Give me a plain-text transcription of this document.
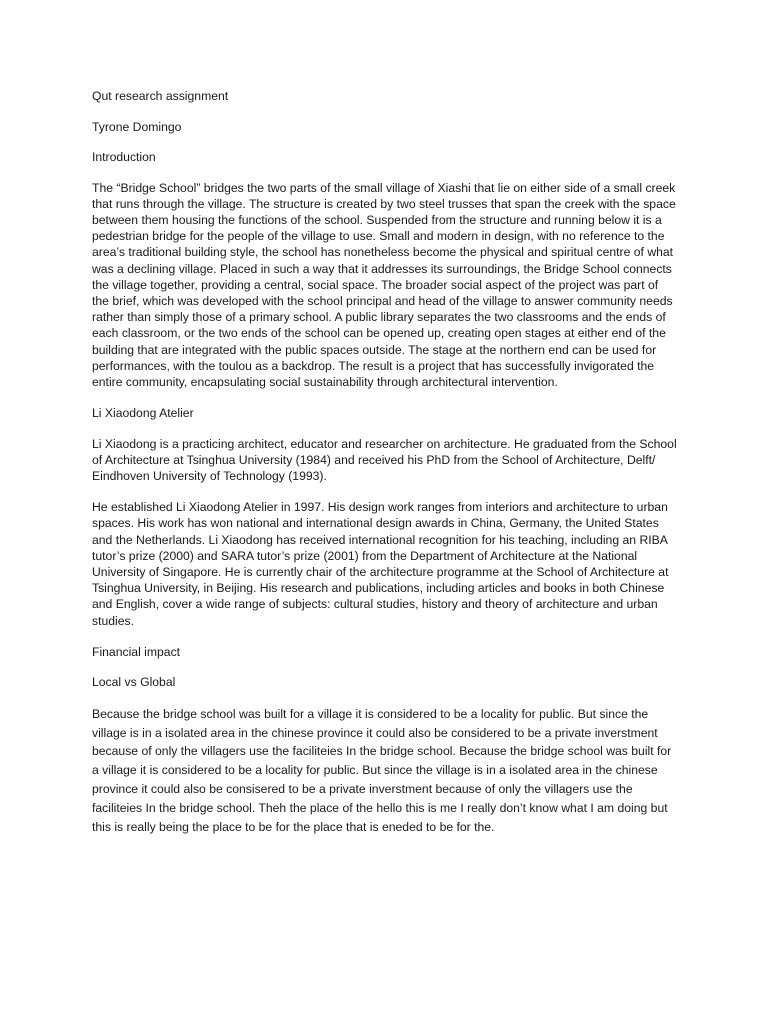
Qut research assignment

Tyrone Domingo

Introduction

The “Bridge School” bridges the two parts of the small village of Xiashi that lie on either side of a small creek that runs through the village. The structure is created by two steel trusses that span the creek with the space between them housing the functions of the school. Suspended from the structure and running below it is a pedestrian bridge for the people of the village to use. Small and modern in design, with no reference to the area’s traditional building style, the school has nonetheless become the physical and spiritual centre of what was a declining village. Placed in such a way that it addresses its surroundings, the Bridge School connects the village together, providing a central, social space. The broader social aspect of the project was part of the brief, which was developed with the school principal and head of the village to answer community needs rather than simply those of a primary school. A public library separates the two classrooms and the ends of each classroom, or the two ends of the school can be opened up, creating open stages at either end of the building that are integrated with the public spaces outside. The stage at the northern end can be used for performances, with the toulou as a backdrop. The result is a project that has successfully invigorated the entire community, encapsulating social sustainability through architectural intervention.

Li Xiaodong Atelier

Li Xiaodong is a practicing architect, educator and researcher on architecture. He graduated from the School of Architecture at Tsinghua University (1984) and received his PhD from the School of Architecture, Delft/ Eindhoven University of Technology (1993).

He established Li Xiaodong Atelier in 1997. His design work ranges from interiors and architecture to urban spaces. His work has won national and international design awards in China, Germany, the United States and the Netherlands. Li Xiaodong has received international recognition for his teaching, including an RIBA tutor’s prize (2000) and SARA tutor’s prize (2001) from the Department of Architecture at the National University of Singapore. He is currently chair of the architecture programme at the School of Architecture at Tsinghua University, in Beijing. His research and publications, including articles and books in both Chinese and English, cover a wide range of subjects: cultural studies, history and theory of architecture and urban studies.

Financial impact

Local vs Global

Because the bridge school was built for a village it is considered to be a locality for public. But since the village is in a isolated area in the chinese province it could also be considered to be a private inverstment because of only the villagers use the faciliteies In the bridge school. Because the bridge school was built for a village it is considered to be a locality for public. But since the village is in a isolated area in the chinese province it could also be consisered to be a private inverstment because of only the villagers use the faciliteies In the bridge school. Theh the place of the hello this is me I really don’t know what I am doing but this is really being the place to be for the place that is eneded to be for the.
